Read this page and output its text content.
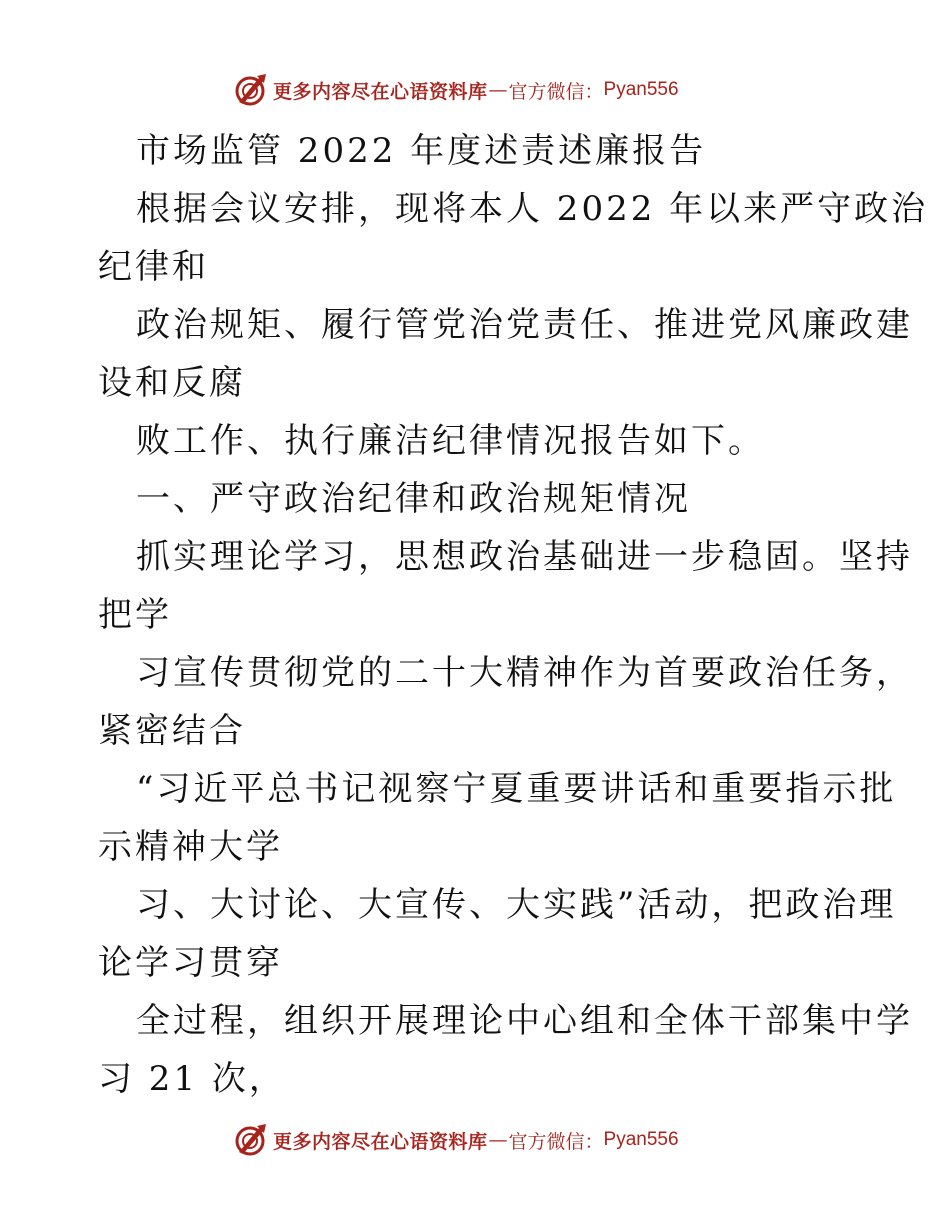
更多内容尽在心语资料库 — 官方微信： Pyan556
市场监管 2022 年度述责述廉报告
根据会议安排，现将本人 2022 年以来严守政治
纪律和
政治规矩、履行管党治党责任、推进党风廉政建
设和反腐
败工作、执行廉洁纪律情况报告如下。
一、严守政治纪律和政治规矩情况
抓实理论学习，思想政治基础进一步稳固。坚持
把学
习宣传贯彻党的二十大精神作为首要政治任务，
紧密结合
“习近平总书记视察宁夏重要讲话和重要指示批
示精神大学
习、大讨论、大宣传、大实践”活动，把政治理
论学习贯穿
全过程，组织开展理论中心组和全体干部集中学
习 21 次，
更多内容尽在心语资料库 — 官方微信： Pyan556
